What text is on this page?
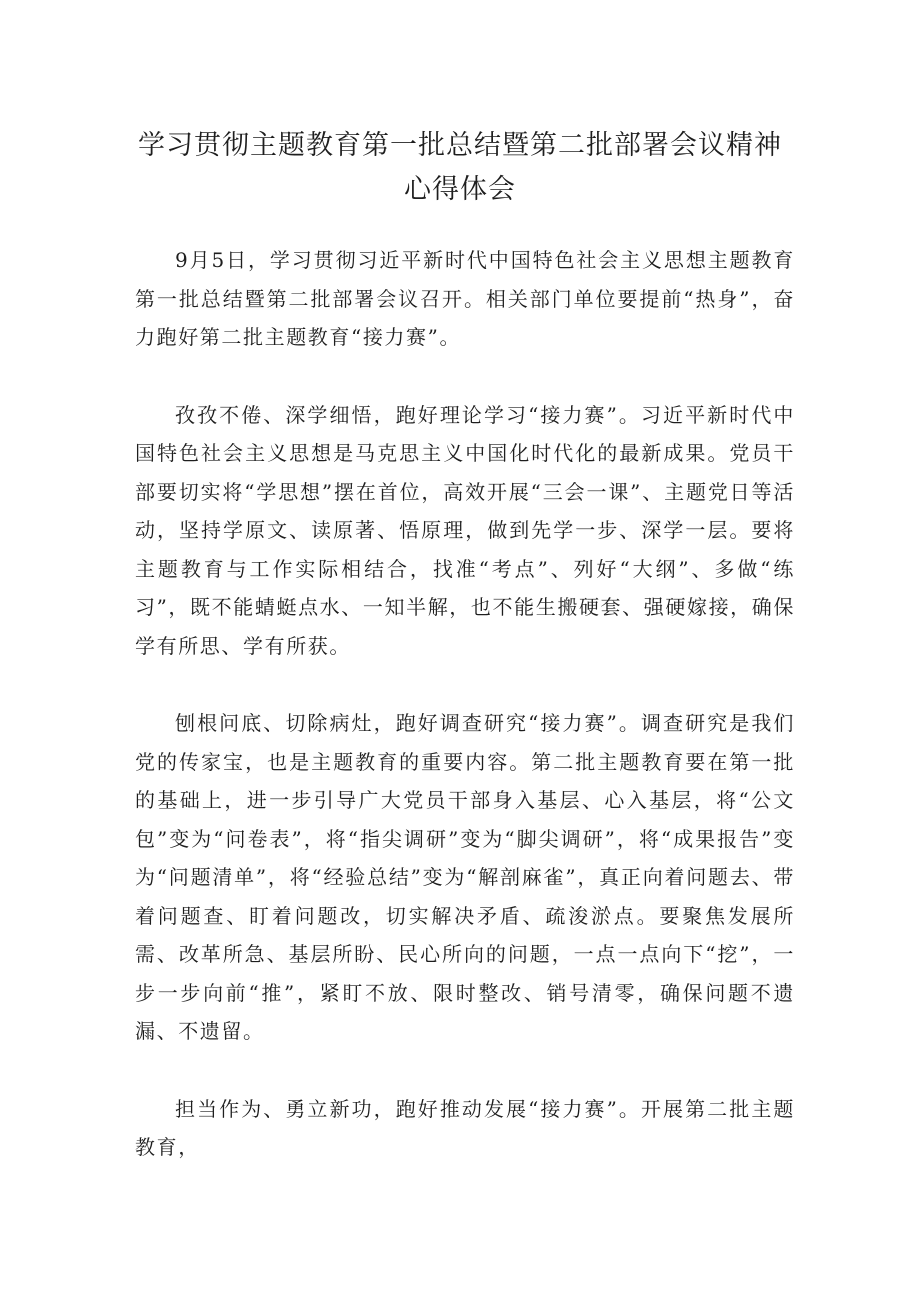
学习贯彻主题教育第一批总结暨第二批部署会议精神心得体会

9月5日，学习贯彻习近平新时代中国特色社会主义思想主题教育第一批总结暨第二批部署会议召开。相关部门单位要提前“热身”，奋力跑好第二批主题教育“接力赛”。

孜孜不倦、深学细悟，跑好理论学习“接力赛”。习近平新时代中国特色社会主义思想是马克思主义中国化时代化的最新成果。党员干部要切实将“学思想”摆在首位，高效开展“三会一课”、主题党日等活动，坚持学原文、读原著、悟原理，做到先学一步、深学一层。要将主题教育与工作实际相结合，找准“考点”、列好“大纲”、多做“练习”，既不能蜻蜓点水、一知半解，也不能生搬硬套、强硬嫁接，确保学有所思、学有所获。

刨根问底、切除病灶，跑好调查研究“接力赛”。调查研究是我们党的传家宝，也是主题教育的重要内容。第二批主题教育要在第一批的基础上，进一步引导广大党员干部身入基层、心入基层，将“公文包”变为“问卷表”，将“指尖调研”变为“脚尖调研”，将“成果报告”变为“问题清单”，将“经验总结”变为“解剖麻雀”，真正向着问题去、带着问题查、盯着问题改，切实解决矛盾、疏浚淤点。要聚焦发展所需、改革所急、基层所盼、民心所向的问题，一点一点向下“挖”，一步一步向前“推”，紧盯不放、限时整改、销号清零，确保问题不遗漏、不遗留。

担当作为、勇立新功，跑好推动发展“接力赛”。开展第二批主题教育，
